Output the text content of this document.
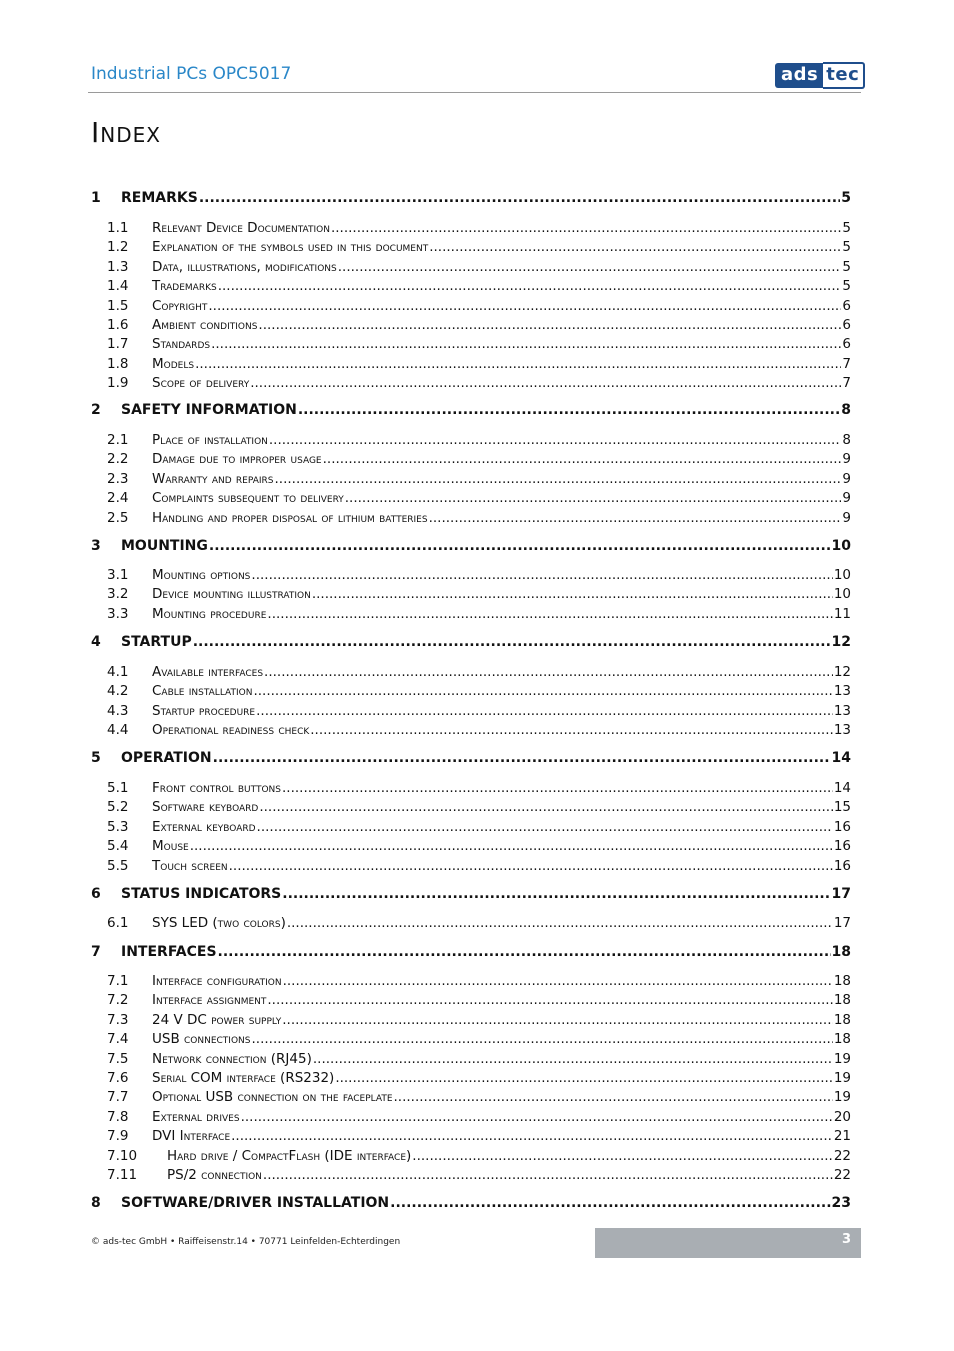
Industrial PCs OPC5017	ads tec
Index
1	REMARKS .....	5
1.1	Relevant Device Documentation .....	5
1.2	Explanation of the symbols used in this document .....	5
1.3	Data, illustrations, modifications .....	5
1.4	Trademarks .....	5
1.5	Copyright .....	6
1.6	Ambient conditions .....	6
1.7	Standards .....	6
1.8	Models .....	7
1.9	Scope of delivery .....	7
2	SAFETY INFORMATION .....	8
2.1	Place of installation .....	8
2.2	Damage due to improper usage .....	9
2.3	Warranty and repairs .....	9
2.4	Complaints subsequent to delivery .....	9
2.5	Handling and proper disposal of lithium batteries .....	9
3	MOUNTING .....	10
3.1	Mounting options .....	10
3.2	Device mounting illustration .....	10
3.3	Mounting procedure .....	11
4	STARTUP .....	12
4.1	Available interfaces .....	12
4.2	Cable installation .....	13
4.3	Startup procedure .....	13
4.4	Operational readiness check .....	13
5	OPERATION .....	14
5.1	Front control buttons .....	14
5.2	Software keyboard .....	15
5.3	External keyboard .....	16
5.4	Mouse .....	16
5.5	Touch screen .....	16
6	STATUS INDICATORS .....	17
6.1	SYS LED (two colors) .....	17
7	INTERFACES .....	18
7.1	Interface configuration .....	18
7.2	Interface assignment .....	18
7.3	24 V DC power supply .....	18
7.4	USB connections .....	18
7.5	Network connection (RJ45) .....	19
7.6	Serial COM interface (RS232) .....	19
7.7	Optional USB connection on the faceplate .....	19
7.8	External drives .....	20
7.9	DVI Interface .....	21
7.10	Hard drive / CompactFlash (IDE interface) .....	22
7.11	PS/2 connection .....	22
8	SOFTWARE/DRIVER INSTALLATION .....	23
© ads-tec GmbH • Raiffeisenstr.14 • 70771 Leinfelden-Echterdingen	3
